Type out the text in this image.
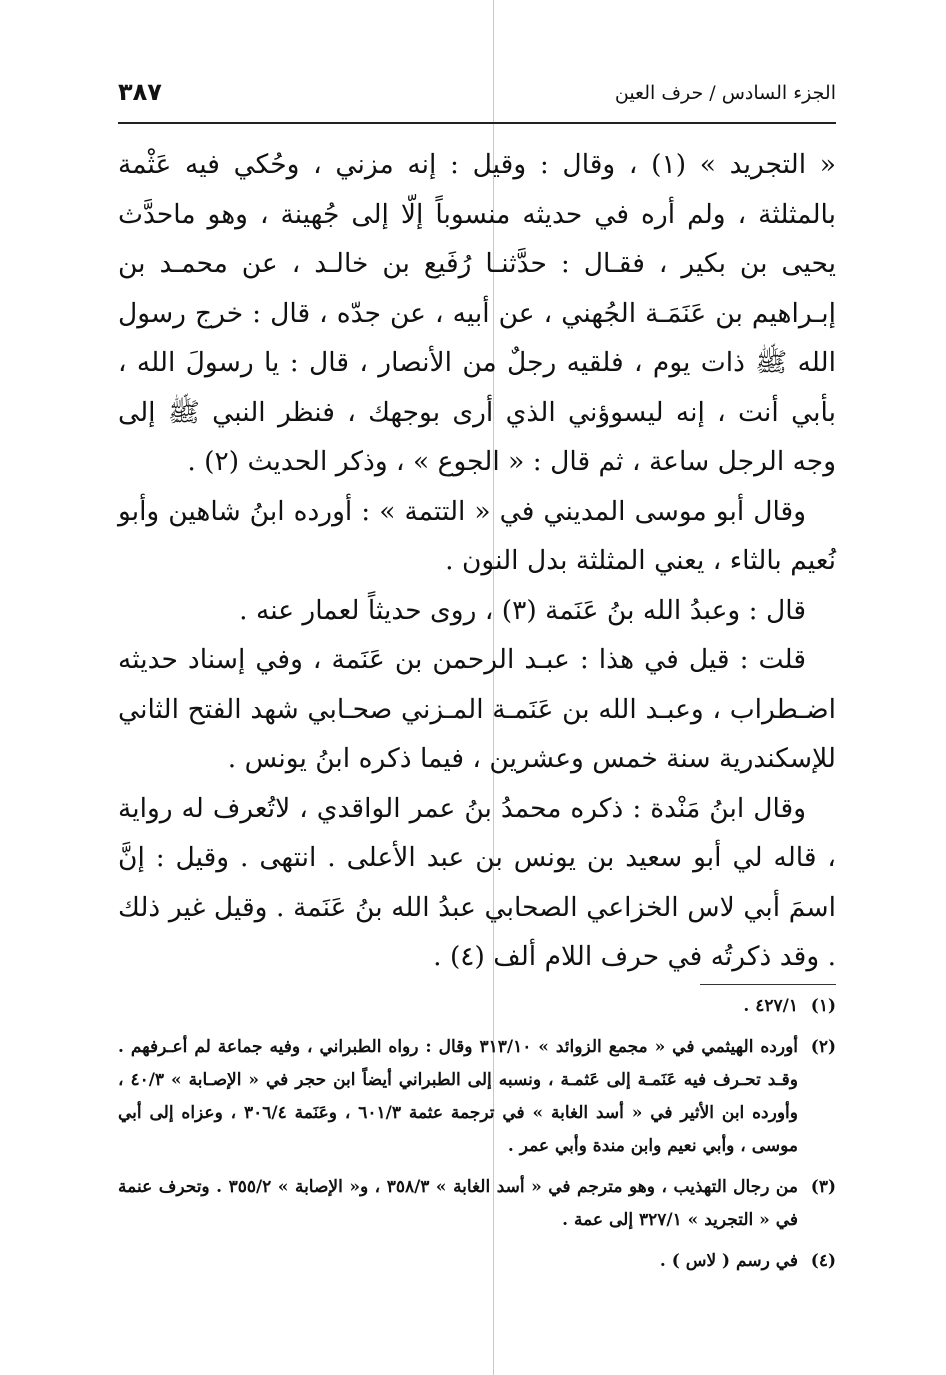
الجزء السادس / حرف العين
٣٨٧

« التجريد » (١) ، وقال : وقيل : إنه مزني ، وحُكي فيه عَثْمة بالمثلثة ، ولم أره في حديثه منسوباً إلّا إلى جُهينة ، وهو ماحدَّث يحيى بن بكير ، فقـال : حدَّثنـا رُفَيع بن خالـد ، عن محمـد بن إبـراهيم بن عَنَمَـة الجُهني ، عن أبيه ، عن جدّه ، قال : خرج رسول الله ﷺ ذات يوم ، فلقيه رجلٌ من الأنصار ، قال : يا رسولَ الله ، بأبي أنت ، إنه ليسوؤني الذي أرى بوجهك ، فنظر النبي ﷺ إلى وجه الرجل ساعة ، ثم قال : « الجوع » ، وذكر الحديث (٢) .

وقال أبو موسى المديني في « التتمة » : أورده ابنُ شاهين وأبو نُعيم بالثاء ، يعني المثلثة بدل النون .

قال : وعبدُ الله بنُ عَنَمة (٣) ، روى حديثاً لعمار عنه .

قلت : قيل في هذا : عبـد الرحمن بن عَنَمة ، وفي إسناد حديثه اضـطراب ، وعبـد الله بن عَنَمـة المـزني صحـابي شهد الفتح الثاني للإسكندرية سنة خمس وعشرين ، فيما ذكره ابنُ يونس .

وقال ابنُ مَنْدة : ذكره محمدُ بنُ عمر الواقدي ، لاتُعرف له رواية ، قاله لي أبو سعيد بن يونس بن عبد الأعلى . انتهى . وقيل : إنَّ اسمَ أبي لاس الخزاعي الصحابي عبدُ الله بنُ عَنَمة . وقيل غير ذلك . وقد ذكرتُه في حرف اللام ألف (٤) .

(١)
٤٢٧/١ .
(٢)
أورده الهيثمي في « مجمع الزوائد » ٣١٣/١٠ وقال : رواه الطبراني ، وفيه جماعة لم أعـرفهم . وقـد تحـرف فيه عَنَمـة إلى عَثمـة ، ونسبه إلى الطبراني أيضاً ابن حجر في « الإصـابة » ٤٠/٣ ، وأورده ابن الأثير في « أسد الغابة » في ترجمة عثمة ٦٠١/٣ ، وعَنَمة ٣٠٦/٤ ، وعزاه إلى أبي موسى ، وأبي نعيم وابن مندة وأبي عمر .
(٣)
من رجال التهذيب ، وهو مترجم في « أسد الغابة » ٣٥٨/٣ ، و« الإصابة » ٣٥٥/٢ . وتحرف عنمة في « التجريد » ٣٢٧/١ إلى عمة .
(٤)
في رسم ( لاس ) .
